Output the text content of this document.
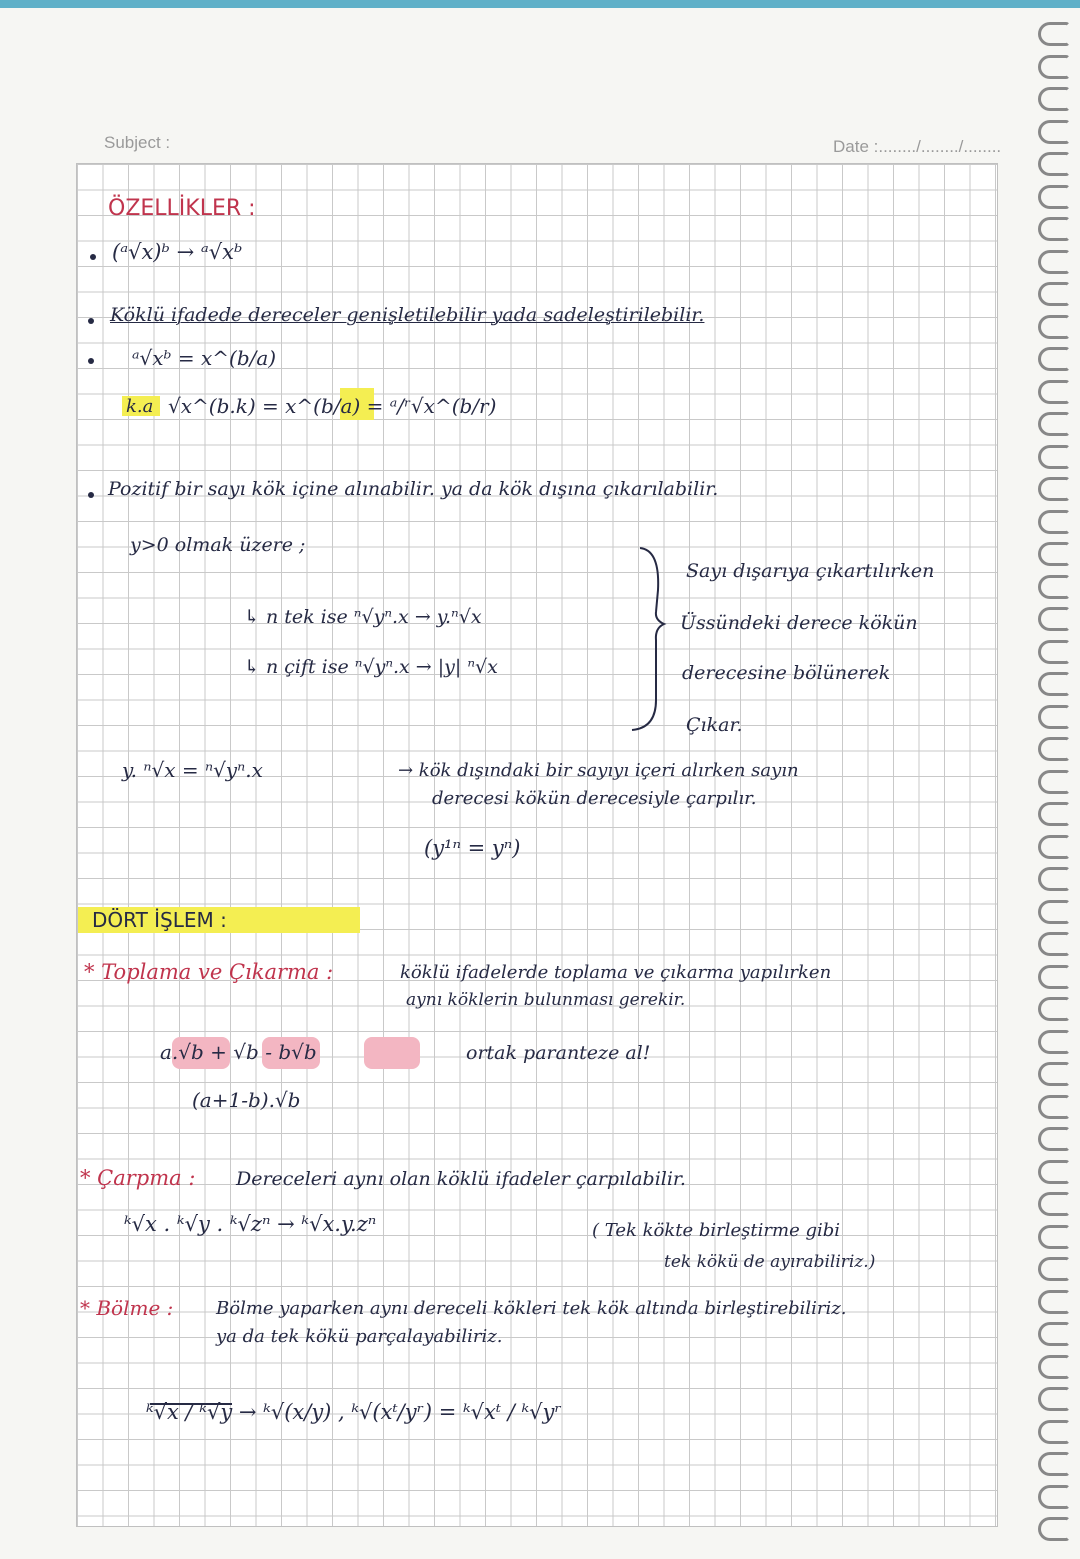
Subject :	Date :......../......../........
ÖZELLİKLER :
(ᵃ√x)ᵇ → ᵃ√xᵇ
Köklü ifadede dereceler genişletilebilir yada sadeleştirilebilir.
ᵃ√xᵇ = x^(b/a)
k.a √x^(b.k) = x^(b/a) = ᵃ/ʳ√x^(b/r)
Pozitif bir sayı kök içine alınabilir. ya da kök dışına çıkarılabilir.
y>0 olmak üzere ;
↳ n tek ise ⁿ√yⁿ.x → y.ⁿ√x
↳ n çift ise ⁿ√yⁿ.x → |y| ⁿ√x
Sayı dışarıya çıkartılırken
Üssündeki derece kökün
derecesine bölünerek
Çıkar.
y. ⁿ√x = ⁿ√yⁿ.x	→ kök dışındaki bir sayıyı içeri alırken sayın
derecesi kökün derecesiyle çarpılır.
(y¹ⁿ = yⁿ)
DÖRT İŞLEM :
* Toplama ve Çıkarma :	köklü ifadelerde toplama ve çıkarma yapılırken
aynı köklerin bulunması gerekir.
a.√b + √b - b√b	ortak paranteze al!
(a+1-b).√b
* Çarpma : Dereceleri aynı olan köklü ifadeler çarpılabilir.
ᵏ√x . ᵏ√y . ᵏ√zⁿ → ᵏ√x.y.zⁿ	( Tek kökte birleştirme gibi
tek kökü de ayırabiliriz.)
* Bölme : Bölme yaparken aynı dereceli kökleri tek kök altında birleştirebiliriz.
ya da tek kökü parçalayabiliriz.
ᵏ√x / ᵏ√y → ᵏ√(x/y) , ᵏ√(xᵗ/yʳ) = ᵏ√xᵗ / ᵏ√yʳ
